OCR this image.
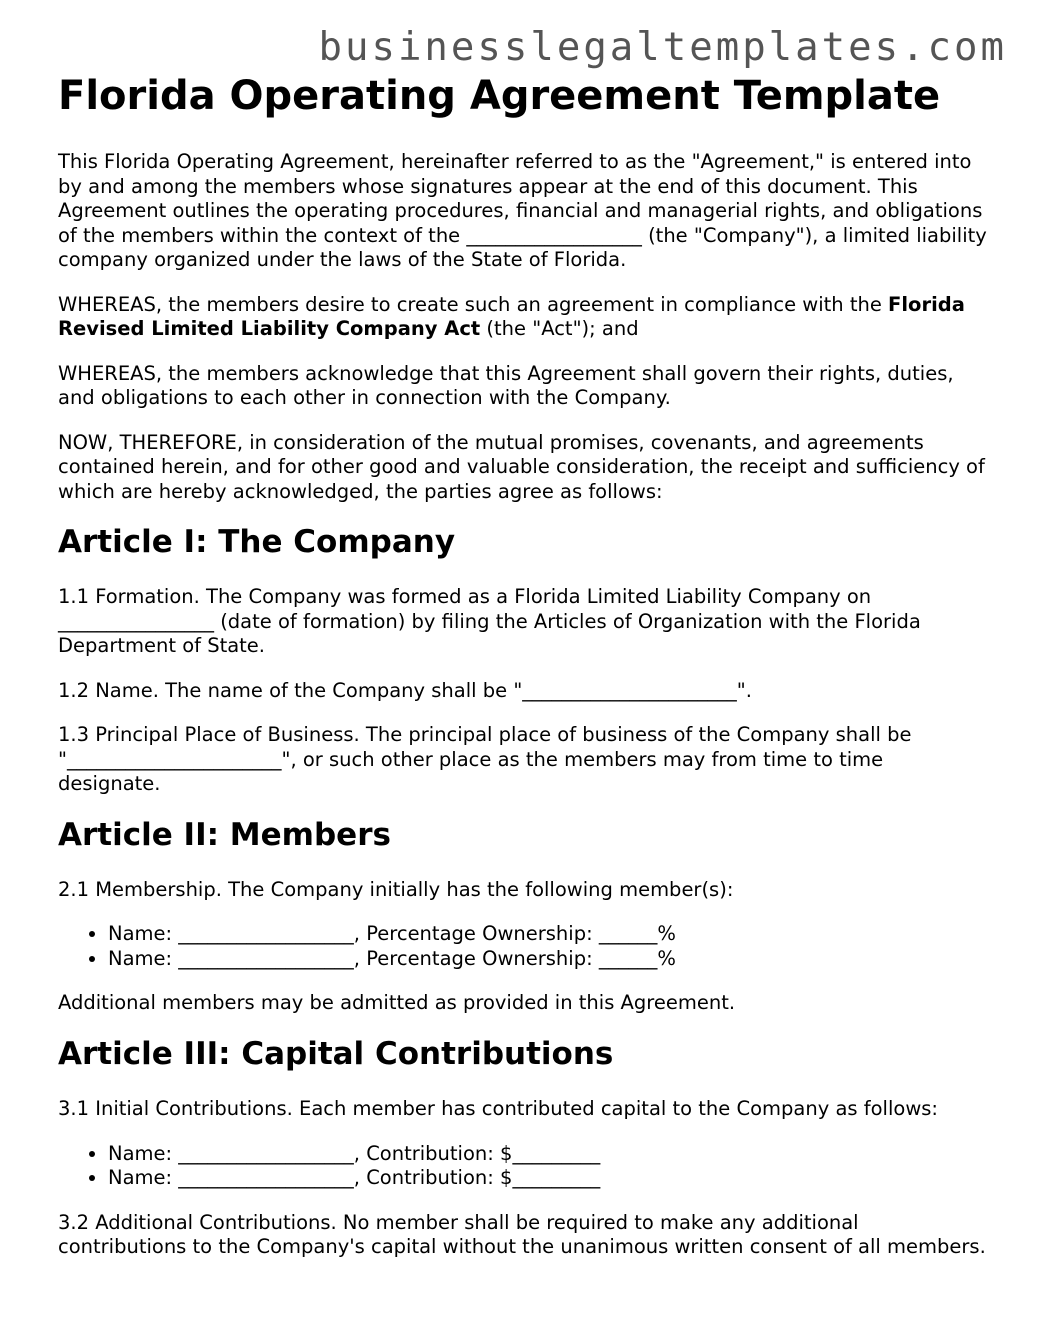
businesslegaltemplates.com
Florida Operating Agreement Template

This Florida Operating Agreement, hereinafter referred to as the "Agreement," is entered into by and among the members whose signatures appear at the end of this document. This Agreement outlines the operating procedures, financial and managerial rights, and obligations of the members within the context of the __________________ (the "Company"), a limited liability company organized under the laws of the State of Florida.

WHEREAS, the members desire to create such an agreement in compliance with the Florida Revised Limited Liability Company Act (the "Act"); and

WHEREAS, the members acknowledge that this Agreement shall govern their rights, duties, and obligations to each other in connection with the Company.

NOW, THEREFORE, in consideration of the mutual promises, covenants, and agreements contained herein, and for other good and valuable consideration, the receipt and sufficiency of which are hereby acknowledged, the parties agree as follows:

Article I: The Company

1.1 Formation. The Company was formed as a Florida Limited Liability Company on ________________ (date of formation) by filing the Articles of Organization with the Florida Department of State.

1.2 Name. The name of the Company shall be "______________________".

1.3 Principal Place of Business. The principal place of business of the Company shall be "______________________", or such other place as the members may from time to time designate.

Article II: Members

2.1 Membership. The Company initially has the following member(s):

• Name: __________________, Percentage Ownership: ______%
• Name: __________________, Percentage Ownership: ______%

Additional members may be admitted as provided in this Agreement.

Article III: Capital Contributions

3.1 Initial Contributions. Each member has contributed capital to the Company as follows:

• Name: __________________, Contribution: $_________
• Name: __________________, Contribution: $_________

3.2 Additional Contributions. No member shall be required to make any additional contributions to the Company's capital without the unanimous written consent of all members.
